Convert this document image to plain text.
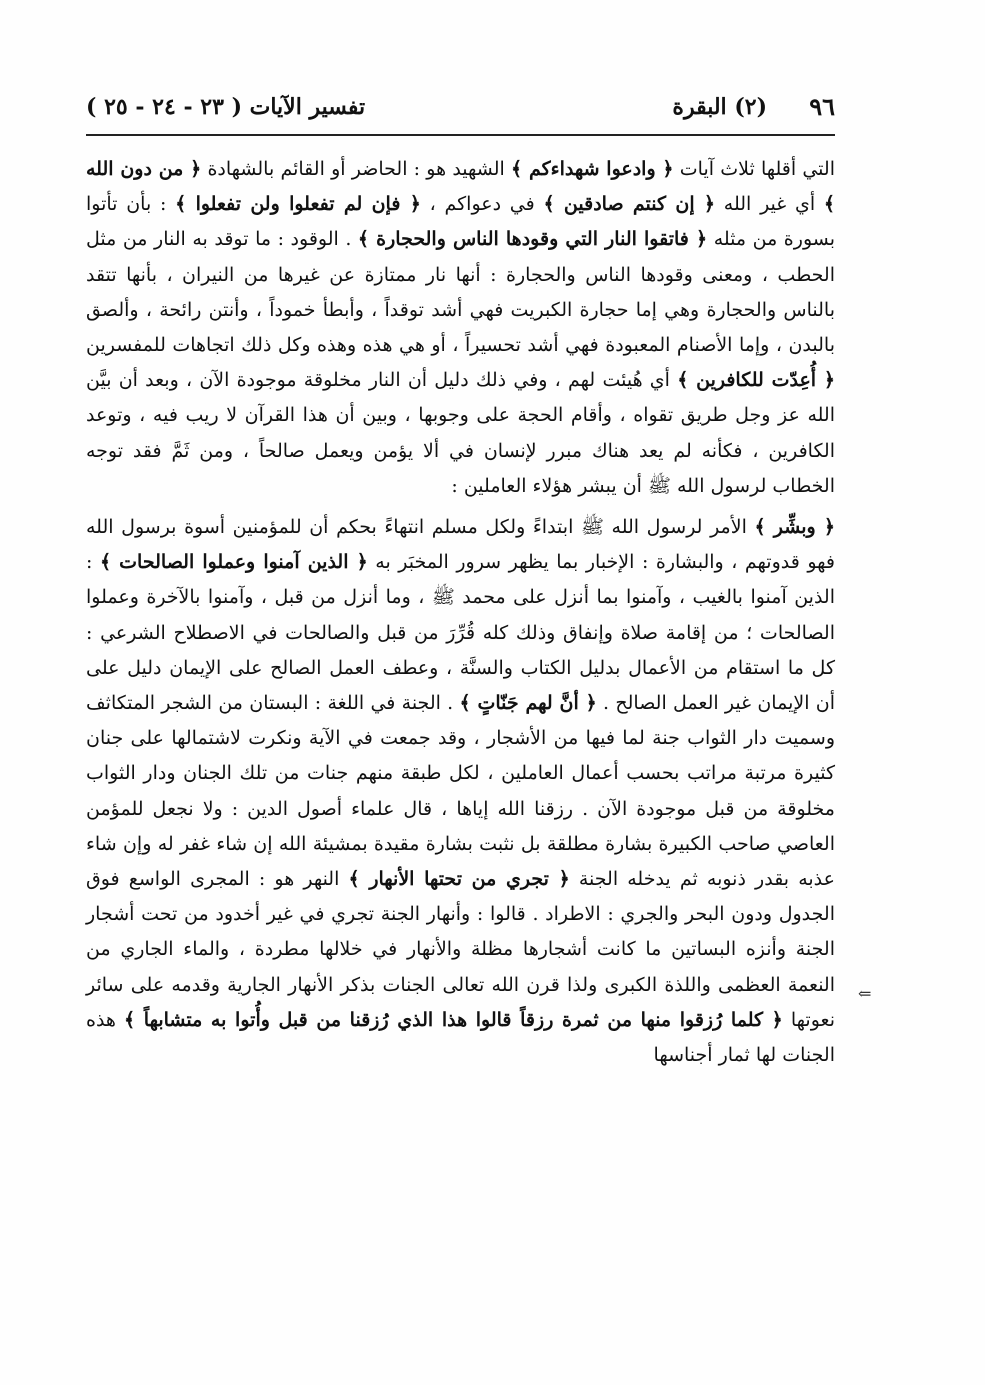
٩٦
(٢) البقرة
تفسير الآيات ( ٢٣ - ٢٤ - ٢٥ )

التي أقلها ثلاث آيات ﴿ وادعوا شهداءكم ﴾ الشهيد هو : الحاضر أو القائم بالشهادة ﴿ من دون الله ﴾ أي غير الله ﴿ إن كنتم صادقين ﴾ في دعواكم ، ﴿ فإن لم تفعلوا ولن تفعلوا ﴾ : بأن تأتوا بسورة من مثله ﴿ فاتقوا النار التي وقودها الناس والحجارة ﴾ . الوقود : ما توقد به النار من مثل الحطب ، ومعنى وقودها الناس والحجارة : أنها نار ممتازة عن غيرها من النيران ، بأنها تتقد بالناس والحجارة وهي إما حجارة الكبريت فهي أشد توقداً ، وأبطأ خموداً ، وأنتن رائحة ، وألصق بالبدن ، وإما الأصنام المعبودة فهي أشد تحسيراً ، أو هي هذه وهذه وكل ذلك اتجاهات للمفسرين ﴿ أُعِدّت للكافرين ﴾ أي هُيئت لهم ، وفي ذلك دليل أن النار مخلوقة موجودة الآن ، وبعد أن بيَّن الله عز وجل طريق تقواه ، وأقام الحجة على وجوبها ، وبين أن هذا القرآن لا ريب فيه ، وتوعد الكافرين ، فكأنه لم يعد هناك مبرر لإنسان في ألا يؤمن ويعمل صالحاً ، ومن ثَمَّ فقد توجه الخطاب لرسول الله ﷺ أن يبشر هؤلاء العاملين :

﴿ وبشِّر ﴾ الأمر لرسول الله ﷺ ابتداءً ولكل مسلم انتهاءً بحكم أن للمؤمنين أسوة برسول الله فهو قدوتهم ، والبشارة : الإخبار بما يظهر سرور المخبَر به ﴿ الذين آمنوا وعملوا الصالحات ﴾ : الذين آمنوا بالغيب ، وآمنوا بما أنزل على محمد ﷺ ، وما أنزل من قبل ، وآمنوا بالآخرة وعملوا الصالحات ؛ من إقامة صلاة وإنفاق وذلك كله قُرِّرَ من قبل والصالحات في الاصطلاح الشرعي : كل ما استقام من الأعمال بدليل الكتاب والسنَّة ، وعطف العمل الصالح على الإيمان دليل على أن الإيمان غير العمل الصالح . ﴿ أنَّ لهم جَنّاتٍ ﴾ . الجنة في اللغة : البستان من الشجر المتكاثف وسميت دار الثواب جنة لما فيها من الأشجار ، وقد جمعت في الآية ونكرت لاشتمالها على جنان كثيرة مرتبة مراتب بحسب أعمال العاملين ، لكل طبقة منهم جنات من تلك الجنان ودار الثواب مخلوقة من قبل موجودة الآن . رزقنا الله إياها ، قال علماء أصول الدين : ولا نجعل للمؤمن العاصي صاحب الكبيرة بشارة مطلقة بل نثبت بشارة مقيدة بمشيئة الله إن شاء غفر له وإن شاء عذبه بقدر ذنوبه ثم يدخله الجنة ﴿ تجري من تحتها الأنهار ﴾ النهر هو : المجرى الواسع فوق الجدول ودون البحر والجري : الاطراد . قالوا : وأنهار الجنة تجري في غير أخدود من تحت أشجار الجنة وأنزه البساتين ما كانت أشجارها مظلة والأنهار في خلالها مطردة ، والماء الجاري من النعمة العظمى واللذة الكبرى ولذا قرن الله تعالى الجنات بذكر الأنهار الجارية وقدمه على سائر نعوتها ﴿ كلما رُزقوا منها من ثمرة رزقاً قالوا هذا الذي رُزقنا من قبل وأُتوا به متشابهاً ﴾ هذه الجنات لها ثمار أجناسها

⇐
